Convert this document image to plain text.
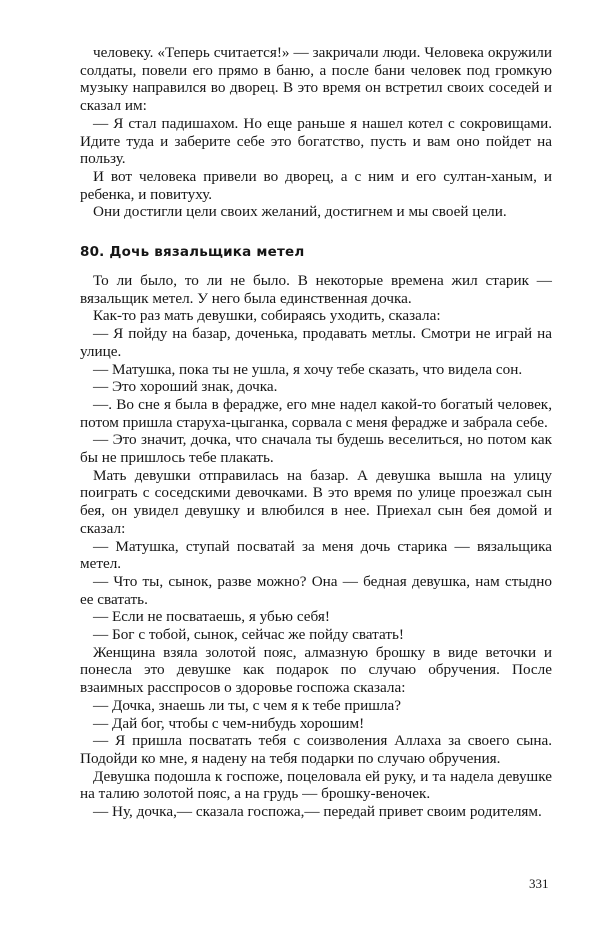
человеку. «Теперь считается!» — закричали люди. Человека окружили солдаты, повели его прямо в баню, а после бани человек под громкую музыку направился во дворец. В это время он встретил своих соседей и сказал им:

— Я стал падишахом. Но еще раньше я нашел котел с сокровищами. Идите туда и заберите себе это богатство, пусть и вам оно пойдет на пользу.

И вот человека привели во дворец, а с ним и его султан-ханым, и ребенка, и повитуху.

Они достигли цели своих желаний, достигнем и мы своей цели.

80. Дочь вязальщика метел

То ли было, то ли не было. В некоторые времена жил старик — вязальщик метел. У него была единственная дочка.

Как-то раз мать девушки, собираясь уходить, сказала:

— Я пойду на базар, доченька, продавать метлы. Смотри не играй на улице.

— Матушка, пока ты не ушла, я хочу тебе сказать, что видела сон.

— Это хороший знак, дочка.

—. Во сне я была в ферадже, его мне надел какой-то богатый человек, потом пришла старуха-цыганка, сорвала с меня фераджe и забрала себе.

— Это значит, дочка, что сначала ты будешь веселиться, но потом как бы не пришлось тебе плакать.

Мать девушки отправилась на базар. А девушка вышла на улицу поиграть с соседскими девочками. В это время по улице проезжал сын бея, он увидел девушку и влюбился в нее. Приехал сын бея домой и сказал:

— Матушка, ступай посватай за меня дочь старика — вязальщика метел.

— Что ты, сынок, разве можно? Она — бедная девушка, нам стыдно ее сватать.

— Если не посватаешь, я убью себя!

— Бог с тобой, сынок, сейчас же пойду сватать!

Женщина взяла золотой пояс, алмазную брошку в виде веточки и понесла это девушке как подарок по случаю обручения. После взаимных расспросов о здоровье госпожа сказала:

— Дочка, знаешь ли ты, с чем я к тебе пришла?

— Дай бог, чтобы с чем-нибудь хорошим!

— Я пришла посватать тебя с соизволения Аллаха за своего сына. Подойди ко мне, я надену на тебя подарки по случаю обручения.

Девушка подошла к госпоже, поцеловала ей руку, и та надела девушке на талию золотой пояс, а на грудь — брошку-веночек.

— Ну, дочка,— сказала госпожа,— передай привет своим родителям.

331
